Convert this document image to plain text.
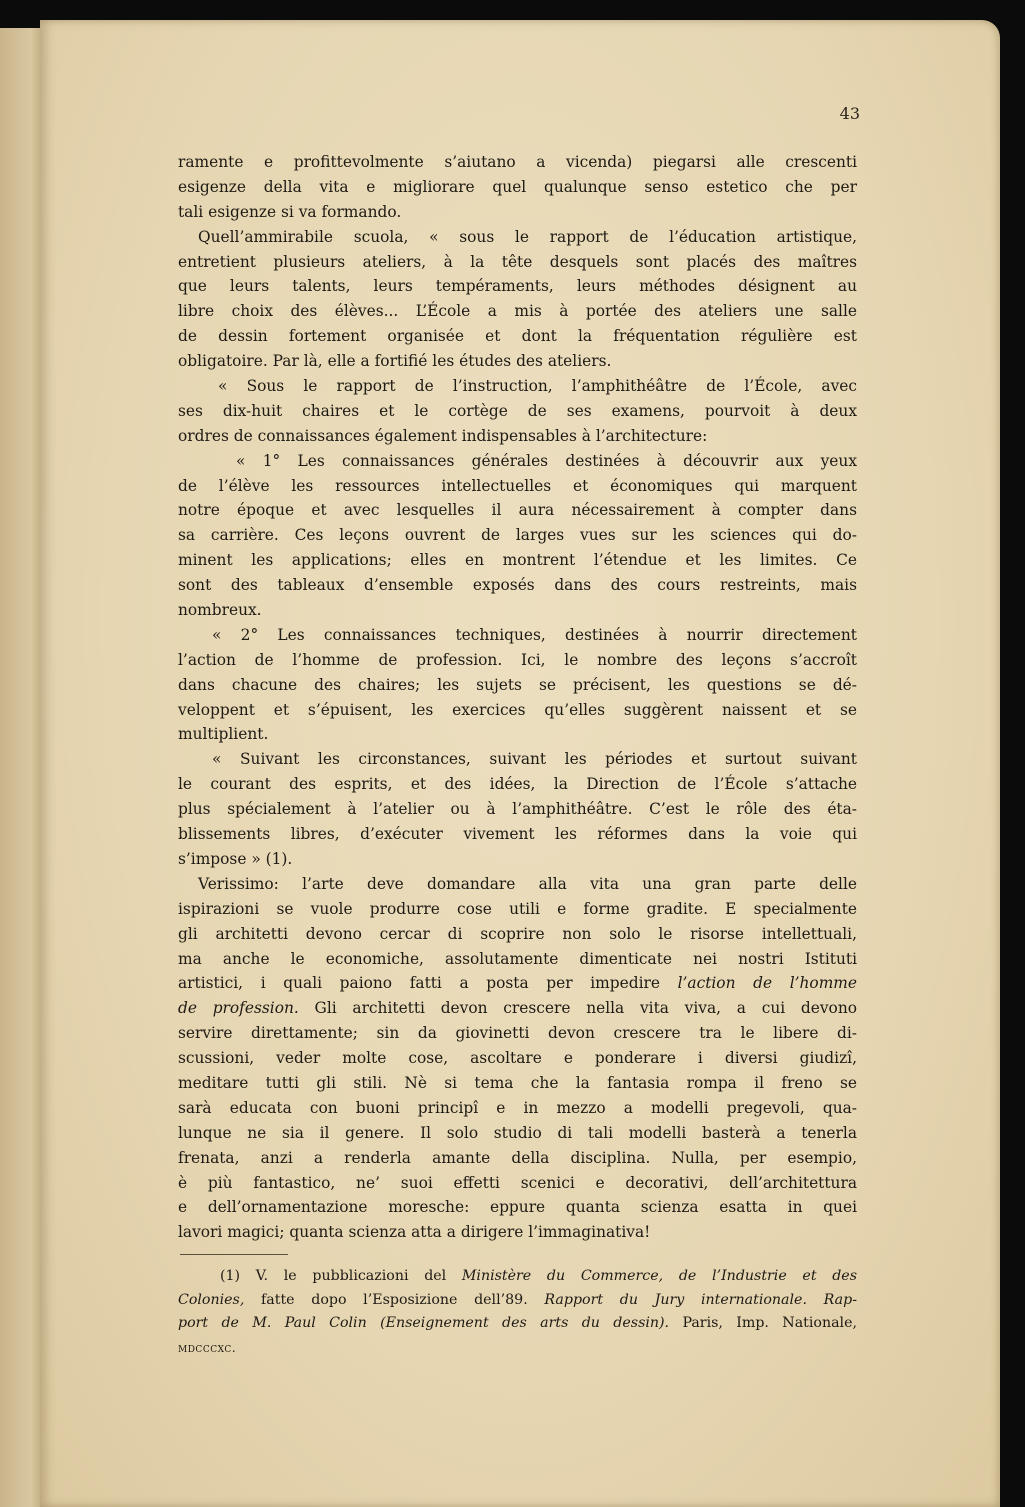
43
ramente e profittevolmente s’aiutano a vicenda) piegarsi alle crescenti
esigenze della vita e migliorare quel qualunque senso estetico che per
tali esigenze si va formando.
Quell’ammirabile scuola, « sous le rapport de l’éducation artistique,
entretient plusieurs ateliers, à la tête desquels sont placés des maîtres
que leurs talents, leurs tempéraments, leurs méthodes désignent au
libre choix des élèves... L’École a mis à portée des ateliers une salle
de dessin fortement organisée et dont la fréquentation régulière est
obligatoire. Par là, elle a fortifié les études des ateliers.
« Sous le rapport de l’instruction, l’amphithéâtre de l’École, avec
ses dix-huit chaires et le cortège de ses examens, pourvoit à deux
ordres de connaissances également indispensables à l’architecture:
« 1° Les connaissances générales destinées à découvrir aux yeux
de l’élève les ressources intellectuelles et économiques qui marquent
notre époque et avec lesquelles il aura nécessairement à compter dans
sa carrière. Ces leçons ouvrent de larges vues sur les sciences qui do-
minent les applications; elles en montrent l’étendue et les limites. Ce
sont des tableaux d’ensemble exposés dans des cours restreints, mais
nombreux.
« 2° Les connaissances techniques, destinées à nourrir directement
l’action de l’homme de profession. Ici, le nombre des leçons s’accroît
dans chacune des chaires; les sujets se précisent, les questions se dé-
veloppent et s’épuisent, les exercices qu’elles suggèrent naissent et se
multiplient.
« Suivant les circonstances, suivant les périodes et surtout suivant
le courant des esprits, et des idées, la Direction de l’École s’attache
plus spécialement à l’atelier ou à l’amphithéâtre. C’est le rôle des éta-
blissements libres, d’exécuter vivement les réformes dans la voie qui
s’impose » (1).
Verissimo: l’arte deve domandare alla vita una gran parte delle
ispirazioni se vuole produrre cose utili e forme gradite. E specialmente
gli architetti devono cercar di scoprire non solo le risorse intellettuali,
ma anche le economiche, assolutamente dimenticate nei nostri Istituti
artistici, i quali paiono fatti a posta per impedire l’action de l’homme
de profession. Gli architetti devon crescere nella vita viva, a cui devono
servire direttamente; sin da giovinetti devon crescere tra le libere di-
scussioni, veder molte cose, ascoltare e ponderare i diversi giudizî,
meditare tutti gli stili. Nè si tema che la fantasia rompa il freno se
sarà educata con buoni principî e in mezzo a modelli pregevoli, qua-
lunque ne sia il genere. Il solo studio di tali modelli basterà a tenerla
frenata, anzi a renderla amante della disciplina. Nulla, per esempio,
è più fantastico, ne’ suoi effetti scenici e decorativi, dell’architettura
e dell’ornamentazione moresche: eppure quanta scienza esatta in quei
lavori magici; quanta scienza atta a dirigere l’immaginativa!
(1) V. le pubblicazioni del Ministère du Commerce, de l’Industrie et des
Colonies, fatte dopo l’Esposizione dell’89. Rapport du Jury internationale. Rap-
port de M. Paul Colin (Enseignement des arts du dessin). Paris, Imp. Nationale,
mdcccxc.
